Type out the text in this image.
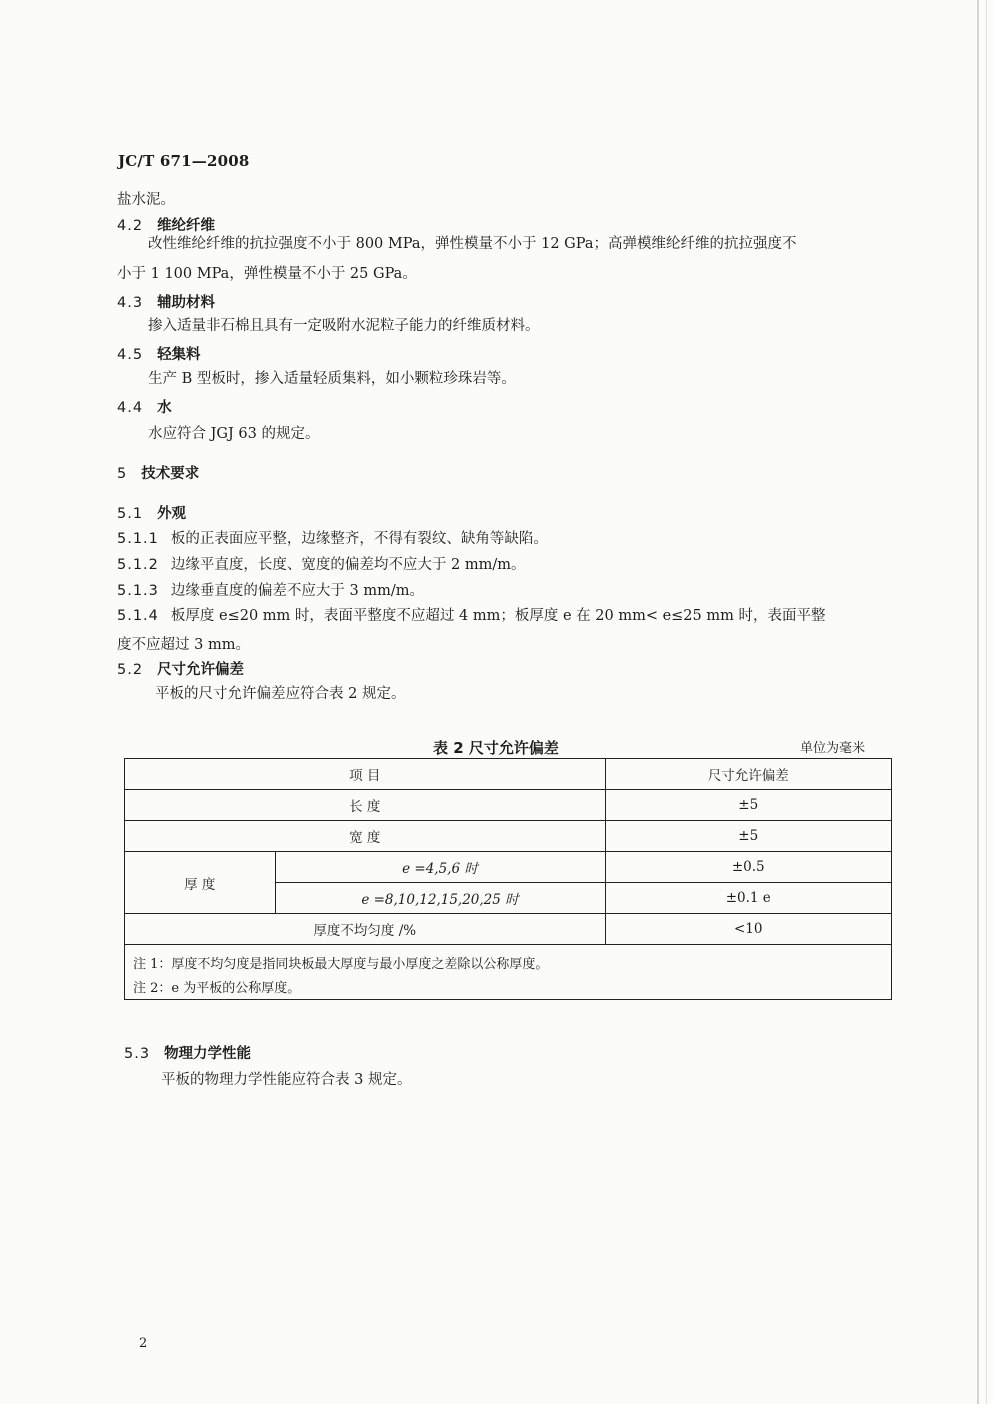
JC/T 671—2008
盐水泥。
4.2 维纶纤维
改性维纶纤维的抗拉强度不小于 800 MPa，弹性模量不小于 12 GPa；高弹模维纶纤维的抗拉强度不
小于 1 100 MPa，弹性模量不小于 25 GPa。
4.3 辅助材料
掺入适量非石棉且具有一定吸附水泥粒子能力的纤维质材料。
4.5 轻集料
生产 B 型板时，掺入适量轻质集料，如小颗粒珍珠岩等。
4.4 水
水应符合 JGJ 63 的规定。
5 技术要求
5.1 外观
5.1.1 板的正表面应平整，边缘整齐，不得有裂纹、缺角等缺陷。
5.1.2 边缘平直度，长度、宽度的偏差均不应大于 2 mm/m。
5.1.3 边缘垂直度的偏差不应大于 3 mm/m。
5.1.4 板厚度 e≤20 mm 时，表面平整度不应超过 4 mm；板厚度 e 在 20 mm< e≤25 mm 时，表面平整
度不应超过 3 mm。
5.2 尺寸允许偏差
平板的尺寸允许偏差应符合表 2 规定。
表 2 尺寸允许偏差	单位为毫米
项 目		尺寸允许偏差
长 度		±5
宽 度		±5
厚 度	e =4,5,6 时	±0.5
	e =8,10,12,15,20,25 时	±0.1 e
厚度不均匀度 /%		<10

注 1：厚度不均匀度是指同块板最大厚度与最小厚度之差除以公称厚度。
注 2：e 为平板的公称厚度。		
5.3 物理力学性能
平板的物理力学性能应符合表 3 规定。
2
